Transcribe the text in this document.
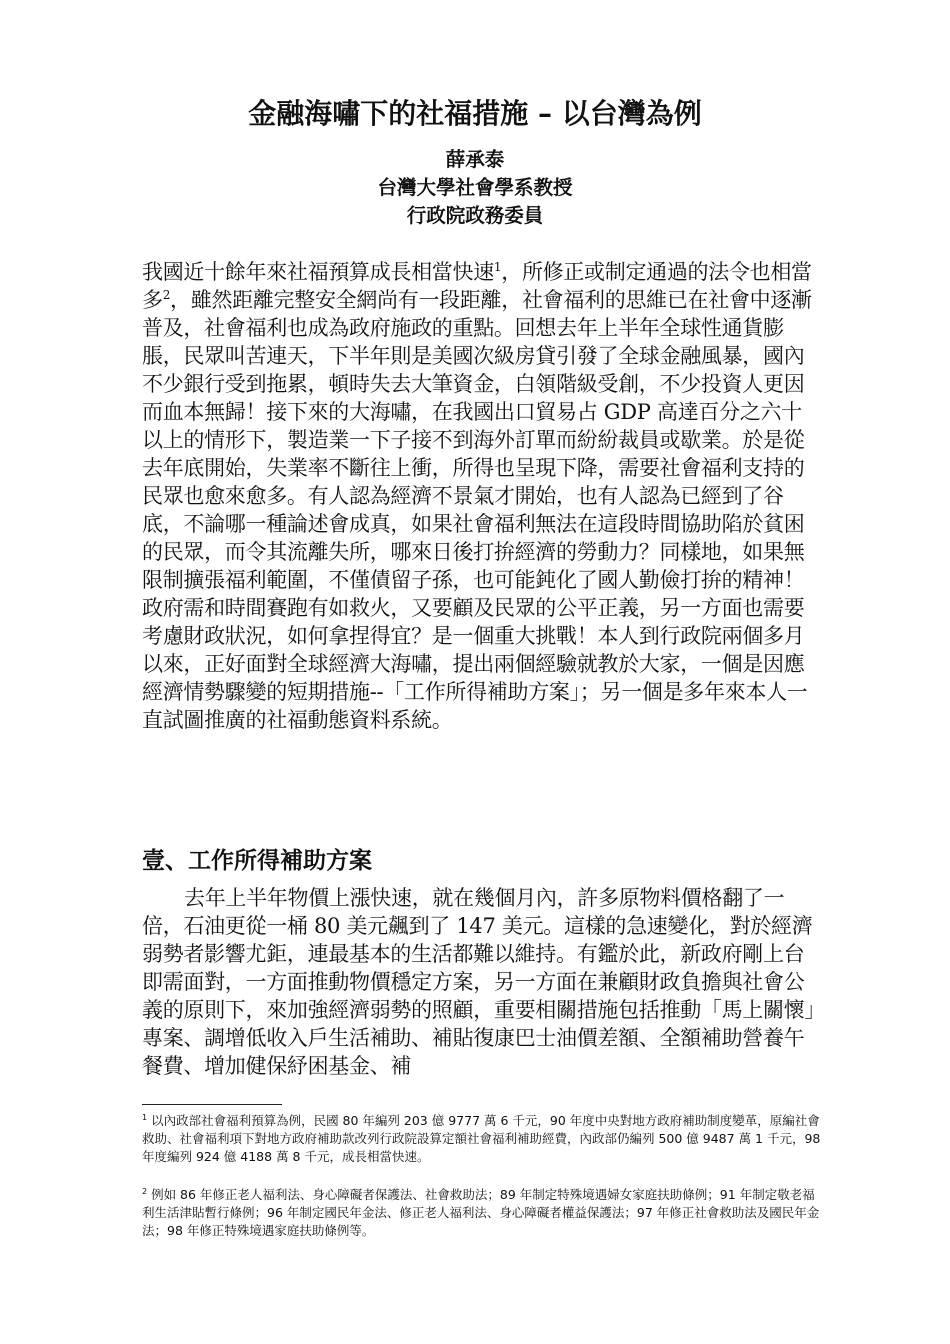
金融海嘯下的社福措施 – 以台灣為例
薛承泰
台灣大學社會學系教授
行政院政務委員
我國近十餘年來社福預算成長相當快速$^1$，所修正或制定通過的法令也相當多$^2$，雖然距離完整安全網尚有一段距離，社會福利的思維已在社會中逐漸普及，社會福利也成為政府施政的重點。回想去年上半年全球性通貨膨脹，民眾叫苦連天，下半年則是美國次級房貸引發了全球金融風暴，國內不少銀行受到拖累，頓時失去大筆資金，白領階級受創，不少投資人更因而血本無歸！接下來的大海嘯，在我國出口貿易占 GDP 高達百分之六十以上的情形下，製造業一下子接不到海外訂單而紛紛裁員或歇業。於是從去年底開始，失業率不斷往上衝，所得也呈現下降，需要社會福利支持的民眾也愈來愈多。有人認為經濟不景氣才開始，也有人認為已經到了谷底，不論哪一種論述會成真，如果社會福利無法在這段時間協助陷於貧困的民眾，而令其流離失所，哪來日後打拚經濟的勞動力？同樣地，如果無限制擴張福利範圍，不僅債留子孫，也可能鈍化了國人勤儉打拚的精神！政府需和時間賽跑有如救火，又要顧及民眾的公平正義，另一方面也需要考慮財政狀況，如何拿捏得宜？是一個重大挑戰！本人到行政院兩個多月以來，正好面對全球經濟大海嘯，提出兩個經驗就教於大家，一個是因應經濟情勢驟變的短期措施--「工作所得補助方案」；另一個是多年來本人一直試圖推廣的社福動態資料系統。
壹、工作所得補助方案
去年上半年物價上漲快速，就在幾個月內，許多原物料價格翻了一倍，石油更從一桶 80 美元飆到了 147 美元。這樣的急速變化，對於經濟弱勢者影響尤鉅，連最基本的生活都難以維持。有鑑於此，新政府剛上台即需面對，一方面推動物價穩定方案，另一方面在兼顧財政負擔與社會公義的原則下，來加強經濟弱勢的照顧，重要相關措施包括推動「馬上關懷」專案、調增低收入戶生活補助、補貼復康巴士油價差額、全額補助營養午餐費、增加健保紓困基金、補
$^1$ 以內政部社會福利預算為例，民國 80 年編列 203 億 9777 萬 6 千元，90 年度中央對地方政府補助制度變革，原編社會救助、社會福利項下對地方政府補助款改列行政院設算定額社會福利補助經費，內政部仍編列 500 億 9487 萬 1 千元，98 年度編列 924 億 4188 萬 8 千元，成長相當快速。
$^2$ 例如 86 年修正老人福利法、身心障礙者保護法、社會救助法；89 年制定特殊境遇婦女家庭扶助條例；91 年制定敬老福利生活津貼暫行條例；96 年制定國民年金法、修正老人福利法、身心障礙者權益保護法；97 年修正社會救助法及國民年金法；98 年修正特殊境遇家庭扶助條例等。
